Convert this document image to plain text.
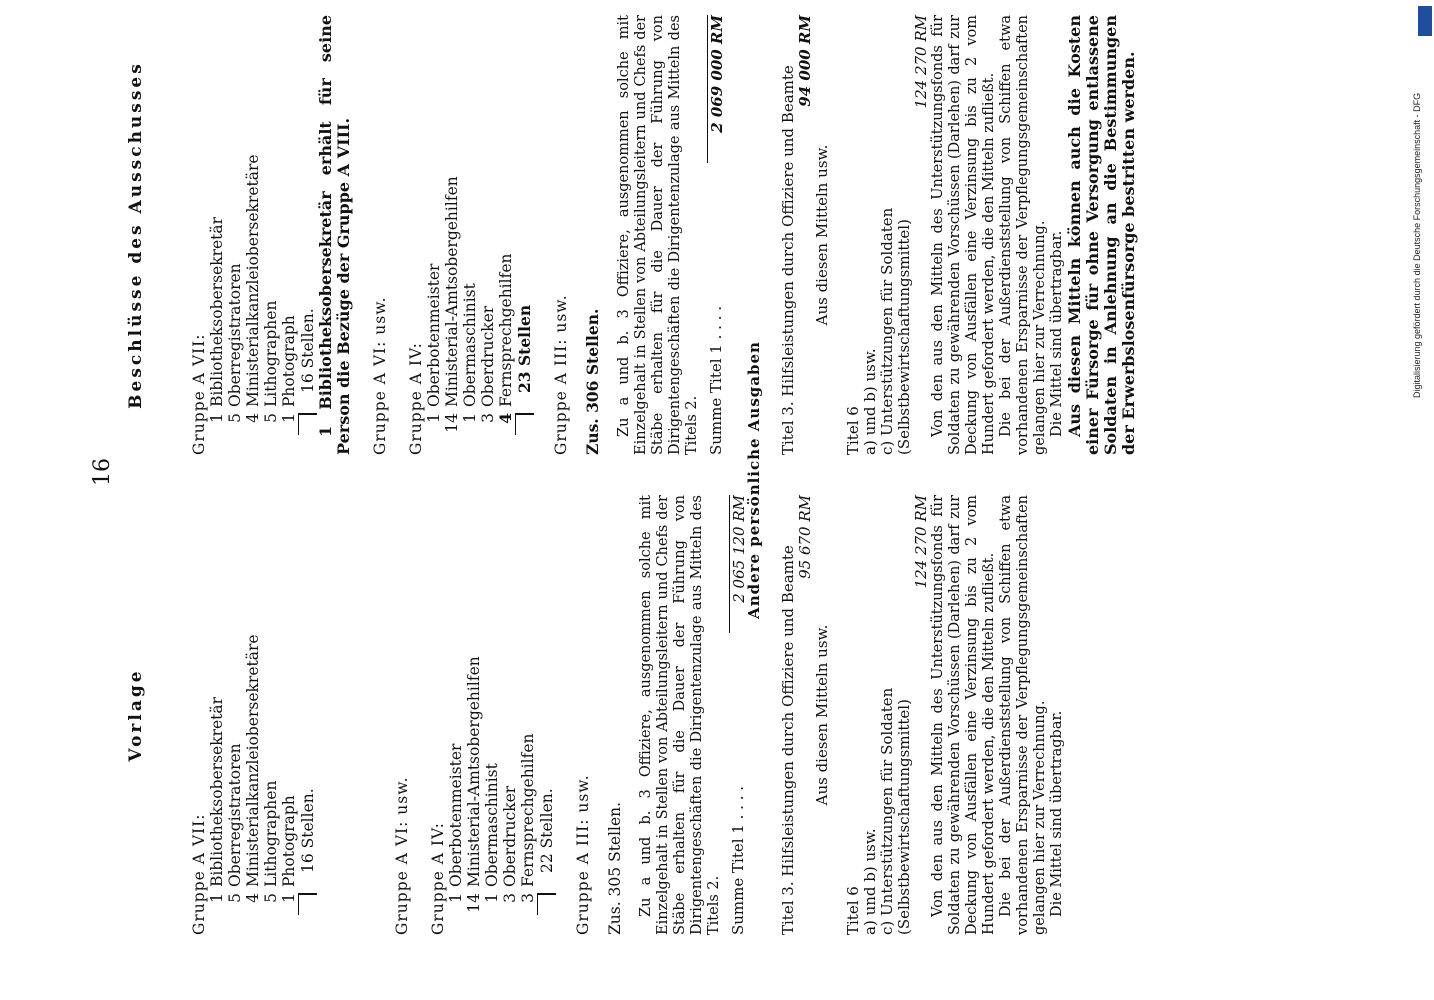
16
Vorlage
Gruppe A VII: 1Bibliotheksobersekretär
5Oberregistratoren
4Ministerialkanzleiobersekretäre
5Lithographen
1Photograph 16 Stellen.	Gruppe A VI: usw. Gruppe A IV: 1Oberbotenmeister
14Ministerial-Amtsobergehilfen
1Obermaschinist
3Oberdrucker
3Fernsprechgehilfen 22 Stellen. Gruppe A III: usw. Zus. 305 Stellen. Zu a und b. 3 Offiziere, ausgenommen solche mit Einzelgehalt in Stellen von Abteilungsleitern und Chefs der Stäbe erhalten für die Dauer der Führung von Dirigentengeschäften die Dirigentenzulage aus Mitteln des Titels 2. Summe Titel 1 . . . .
2 065 120 RM
Beschlüsse des Ausschusses	Gruppe A VII: 1Bibliotheksobersekretär
5Oberregistratoren
4Ministerialkanzleiobersekretäre
5Lithographen
1Photograph 16 Stellen. 1 Bibliotheksobersekretär erhält für seine Person die Bezüge der Gruppe A VIII. Gruppe A VI: usw. Gruppe A IV: 1Oberbotenmeister
14Ministerial-Amtsobergehilfen
1Obermaschinist
3Oberdrucker
4Fernsprechgehilfen 23 Stellen Gruppe A III: usw. Zus. 306 Stellen. Zu a und b. 3 Offiziere, ausgenommen solche mit Einzelgehalt in Stellen von Abteilungsleitern und Chefs der Stäbe erhalten für die Dauer der Führung von Dirigentengeschäften die Dirigentenzulage aus Mitteln des Titels 2. Summe Titel 1 . . . .
2 069 000 RM
Andere persönliche Ausgaben
Titel 3. Hilfsleistungen durch Offiziere und Beamte
95 670 RM
Aus diesen Mitteln usw.
Titel 6 a) und b) usw. c) Unterstützungen für Soldaten (Selbstbewirtschaftungsmittel)
124 270 RM Von den aus den Mitteln des Unterstützungsfonds für Soldaten zu gewährenden Vorschüssen (Darlehen) darf zur Deckung von Ausfällen eine Verzinsung bis zu 2 vom Hundert gefordert werden, die den Mitteln zufließt. Die bei der Außerdienststellung von Schiffen etwa vorhandenen Ersparnisse der Verpflegungsgemeinschaften gelangen hier zur Verrechnung. Die Mittel sind übertragbar.
Titel 3. Hilfsleistungen durch Offiziere und Beamte
94 000 RM
Aus diesen Mitteln usw.
Titel 6 a) und b) usw. c) Unterstützungen für Soldaten (Selbstbewirtschaftungsmittel)
124 270 RM Von den aus den Mitteln des Unterstützungsfonds für Soldaten zu gewährenden Vorschüssen (Darlehen) darf zur Deckung von Ausfällen eine Verzinsung bis zu 2 vom Hundert gefordert werden, die den Mitteln zufließt. Die bei der Außerdienststellung von Schiffen etwa vorhandenen Ersparnisse der Verpflegungsgemeinschaften gelangen hier zur Verrechnung. Die Mittel sind übertragbar. Aus diesen Mitteln können auch die Kosten einer Fürsorge für ohne Versorgung entlassene Soldaten in Anlehnung an die Bestimmungen der Erwerbslosenfürsorge bestritten werden.	Digitalisierung gefördert durch die Deutsche Forschungsgemeinschaft - DFG
